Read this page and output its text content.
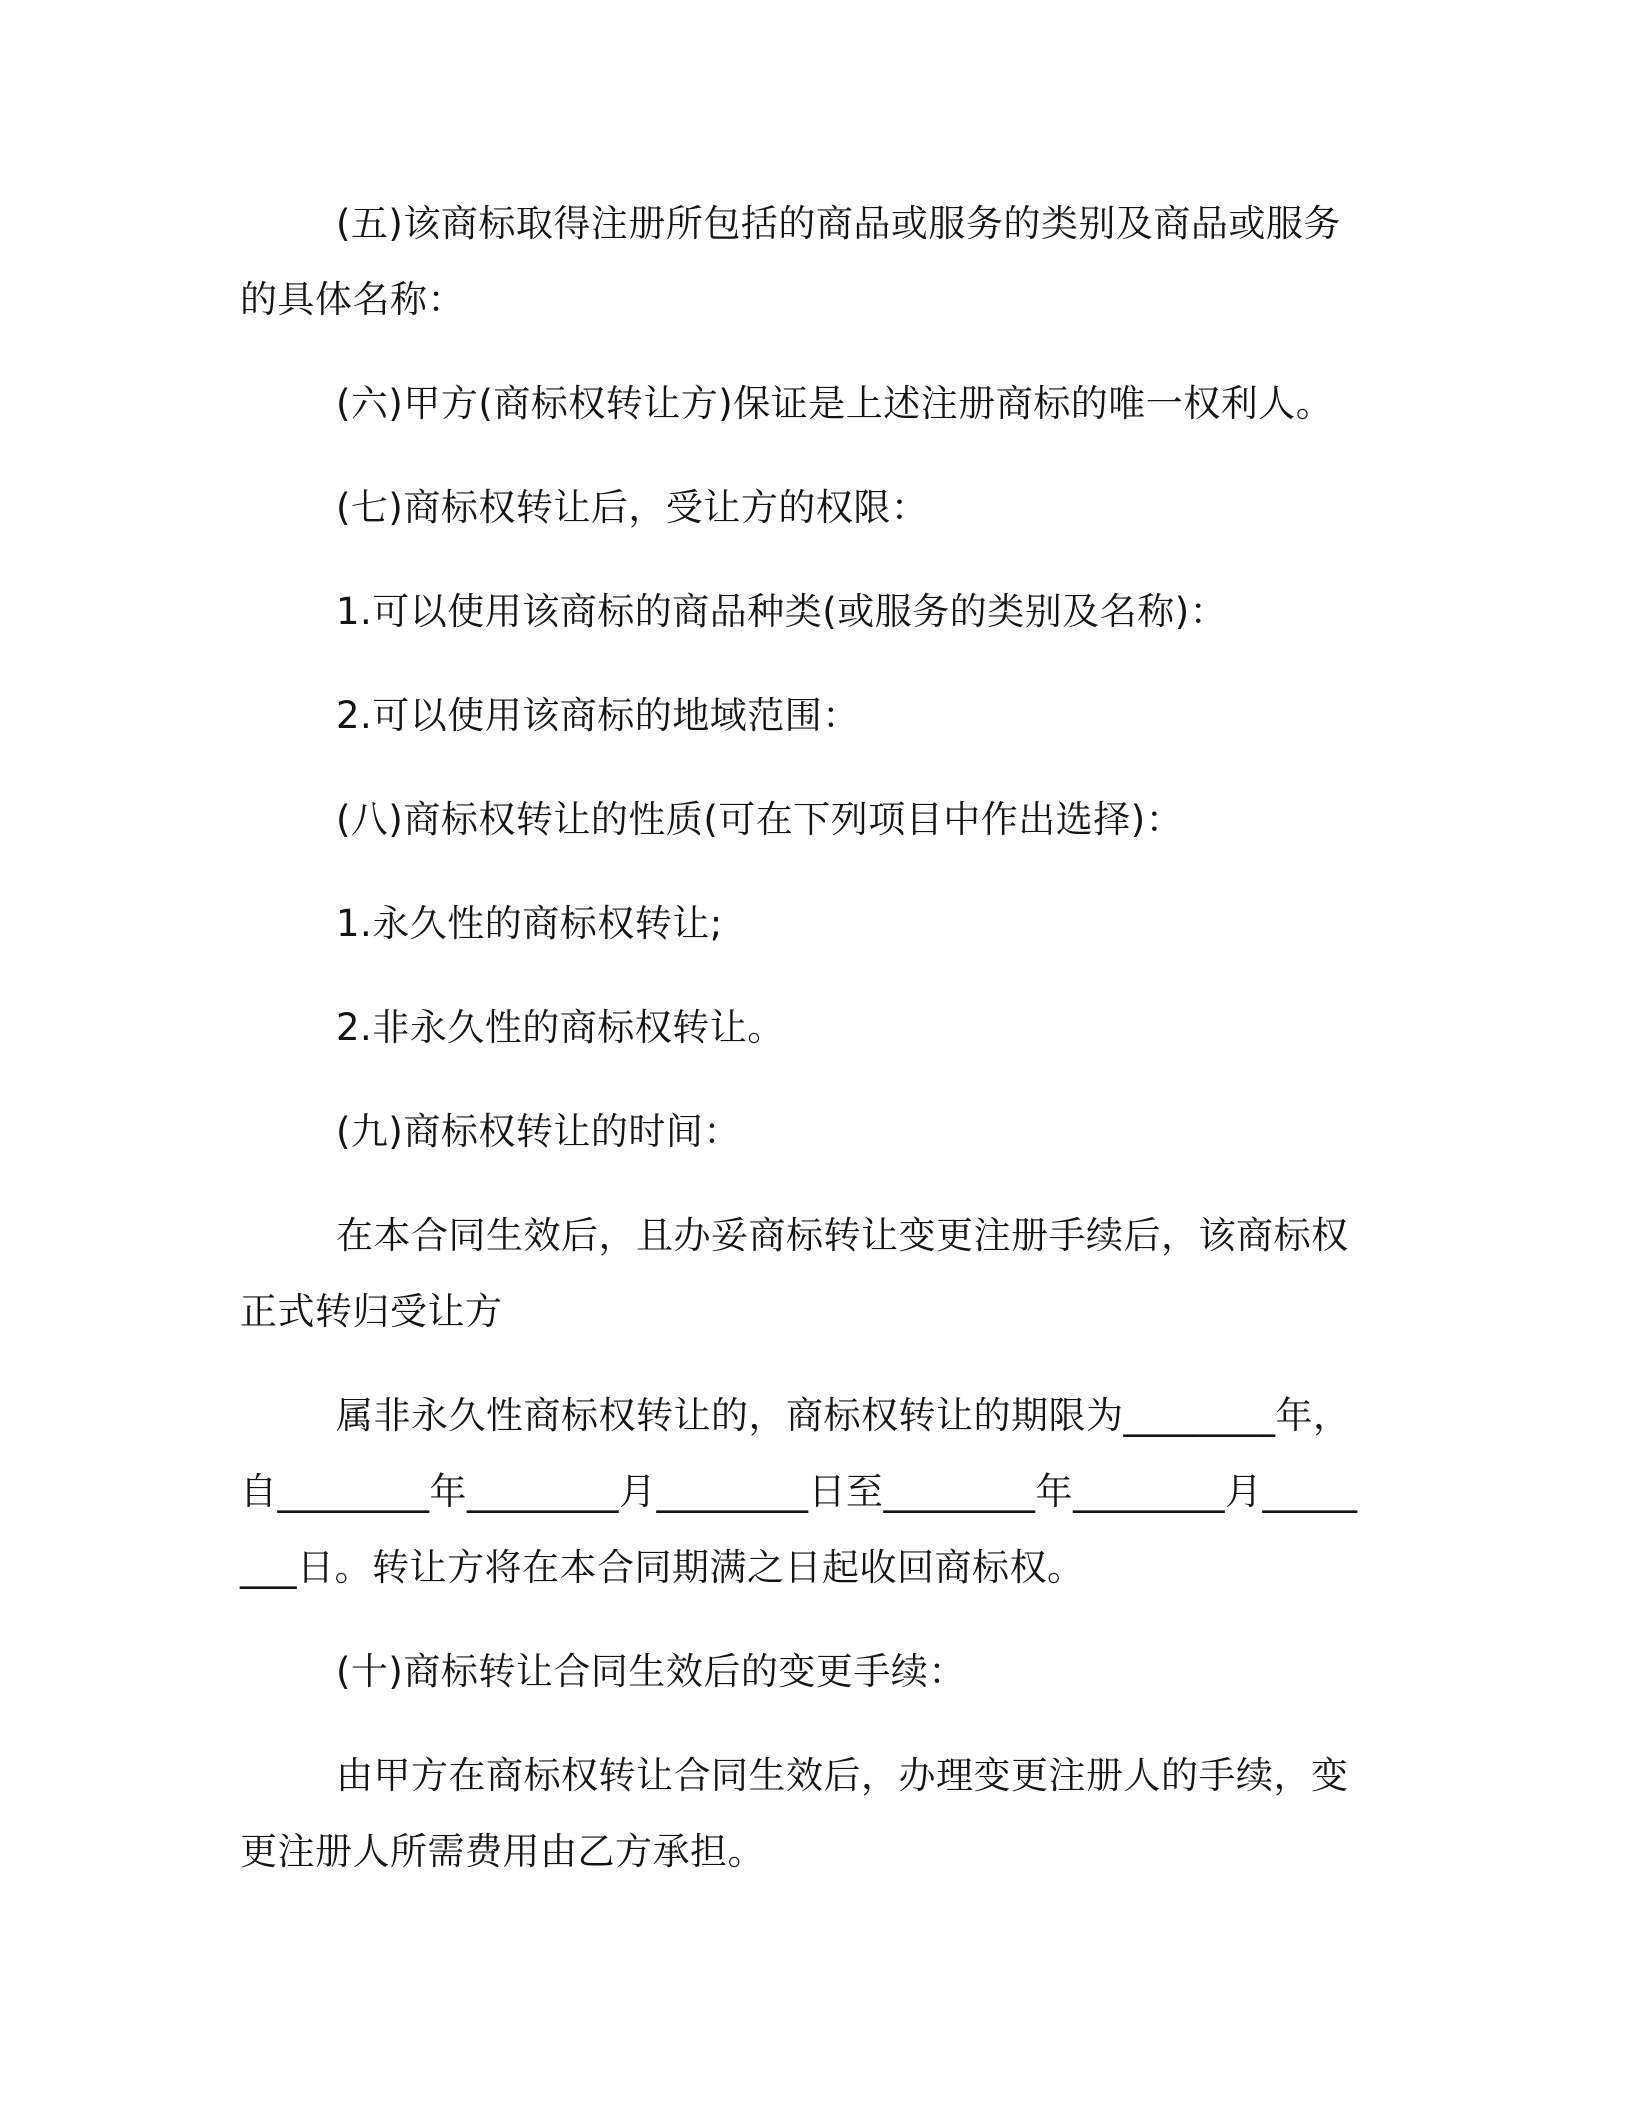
(五)该商标取得注册所包括的商品或服务的类别及商品或服务的具体名称：

(六)甲方(商标权转让方)保证是上述注册商标的唯一权利人。

(七)商标权转让后，受让方的权限：

1.可以使用该商标的商品种类(或服务的类别及名称)：

2.可以使用该商标的地域范围：

(八)商标权转让的性质(可在下列项目中作出选择)：

1.永久性的商标权转让;

2.非永久性的商标权转让。

(九)商标权转让的时间：

在本合同生效后，且办妥商标转让变更注册手续后，该商标权正式转归受让方

属非永久性商标权转让的，商标权转让的期限为________年，自________年________月________日至________年________月________日。转让方将在本合同期满之日起收回商标权。

(十)商标转让合同生效后的变更手续：

由甲方在商标权转让合同生效后，办理变更注册人的手续，变更注册人所需费用由乙方承担。
